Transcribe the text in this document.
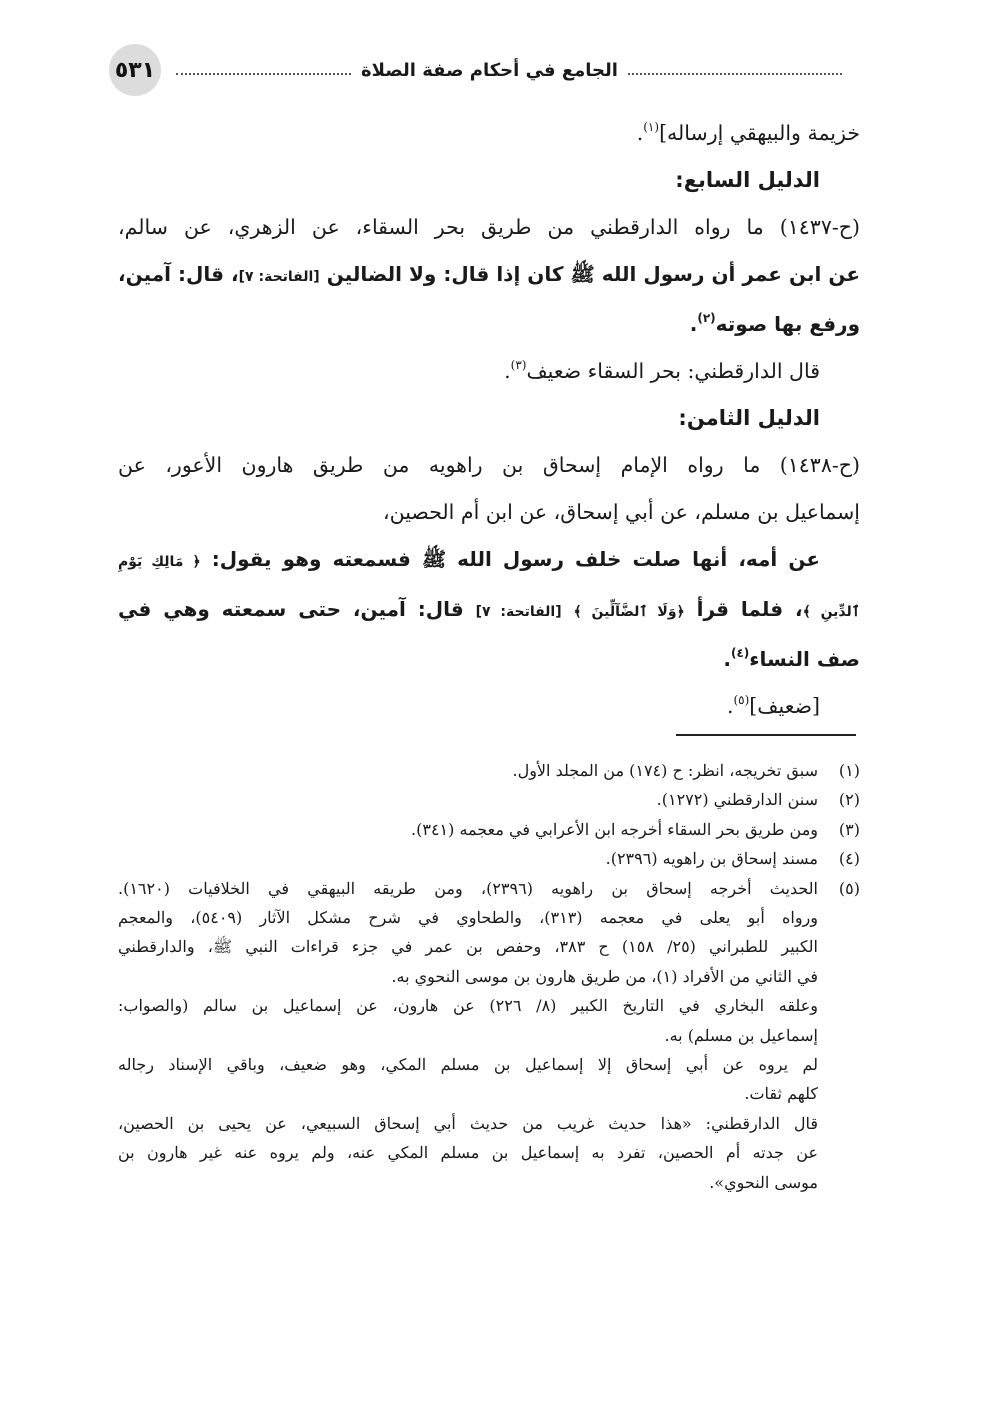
٥٣١	الجامع في أحكام صفة الصلاة

خزيمة والبيهقي إرساله]$^{(١)}$.

الدليل السابع:

(ح-١٤٣٧) ما رواه الدارقطني من طريق بحر السقاء، عن الزهري، عن سالم،

عن ابن عمر أن رسول الله ﷺ كان إذا قال: ولا الضالين [الفاتحة: ٧]، قال: آمين،

ورفع بها صوته$^{(٢)}$.

قال الدارقطني: بحر السقاء ضعيف$^{(٣)}$.

الدليل الثامن:

(ح-١٤٣٨) ما رواه الإمام إسحاق بن راهويه من طريق هارون الأعور، عن

إسماعيل بن مسلم، عن أبي إسحاق، عن ابن أم الحصين،

عن أمه، أنها صلت خلف رسول الله ﷺ فسمعته وهو يقول: ﴿ مَالِكِ يَوْمِ

ٱلدِّينِ ﴾، فلما قرأ ﴿وَلَا ٱلضَّآلِّينَ ﴾ [الفاتحة: ٧] قال: آمين، حتى سمعته وهي في

صف النساء$^{(٤)}$.

[ضعيف]$^{(٥)}$.

(١)
سبق تخريجه، انظر: ح (١٧٤) من المجلد الأول.
(٢)
سنن الدارقطني (١٢٧٢).
(٣)
ومن طريق بحر السقاء أخرجه ابن الأعرابي في معجمه (٣٤١).
(٤)
مسند إسحاق بن راهويه (٢٣٩٦).
(٥)

الحديث أخرجه إسحاق بن راهويه (٢٣٩٦)، ومن طريقه البيهقي في الخلافيات (١٦٢٠).

ورواه أبو يعلى في معجمه (٣١٣)، والطحاوي في شرح مشكل الآثار (٥٤٠٩)، والمعجم

الكبير للطبراني (٢٥/ ١٥٨) ح ٣٨٣، وحفص بن عمر في جزء قراءات النبي ﷺ، والدارقطني

في الثاني من الأفراد (١)، من طريق هارون بن موسى النحوي به.

وعلقه البخاري في التاريخ الكبير (٨/ ٢٢٦) عن هارون، عن إسماعيل بن سالم (والصواب:

إسماعيل بن مسلم) به.

لم يروه عن أبي إسحاق إلا إسماعيل بن مسلم المكي، وهو ضعيف، وباقي الإسناد رجاله

كلهم ثقات.

قال الدارقطني: «هذا حديث غريب من حديث أبي إسحاق السبيعي، عن يحيى بن الحصين،

عن جدته أم الحصين، تفرد به إسماعيل بن مسلم المكي عنه، ولم يروه عنه غير هارون بن

موسى النحوي».
